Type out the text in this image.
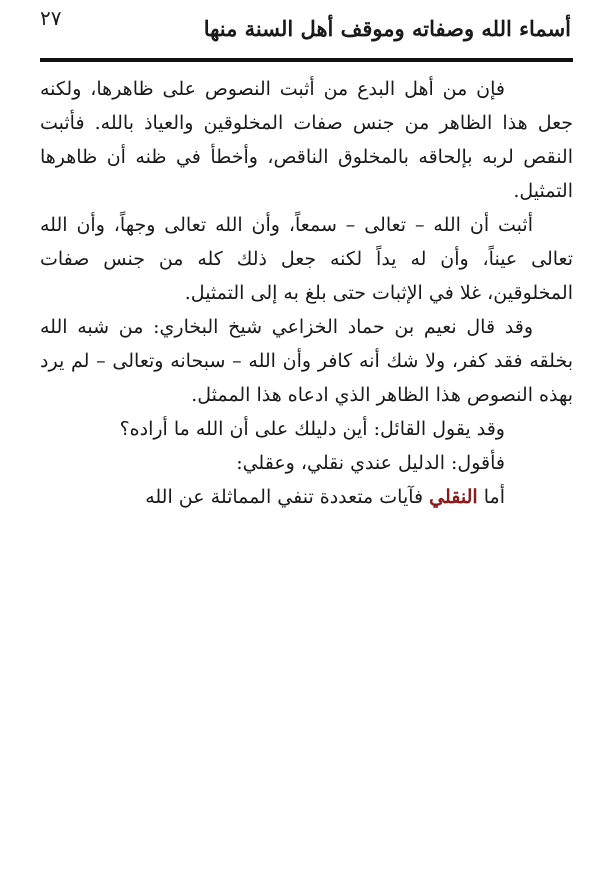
٢٧	أسماء الله وصفاته وموقف أهل السنة منها

فإن من أهل البدع من أثبت النصوص على ظاهرها، ولكنه جعل هذا الظاهر من جنس صفات المخلوقين والعياذ بالله. فأثبت النقص لربه بإلحاقه بالمخلوق الناقص، وأخطأ في ظنه أن ظاهرها التمثيل.

أثبت أن الله – تعالى – سمعاً، وأن الله تعالى وجهاً، وأن الله تعالى عيناً، وأن له يداً لكنه جعل ذلك كله من جنس صفات المخلوقين، غلا في الإثبات حتى بلغ به إلى التمثيل.

وقد قال نعيم بن حماد الخزاعي شيخ البخاري: من شبه الله بخلقه فقد كفر، ولا شك أنه كافر وأن الله – سبحانه وتعالى – لم يرد بهذه النصوص هذا الظاهر الذي ادعاه هذا الممثل.

وقد يقول القائل: أين دليلك على أن الله ما أراده؟

فأقول: الدليل عندي نقلي، وعقلي:

أما النقلي فآيات متعددة تنفي المماثلة عن الله
